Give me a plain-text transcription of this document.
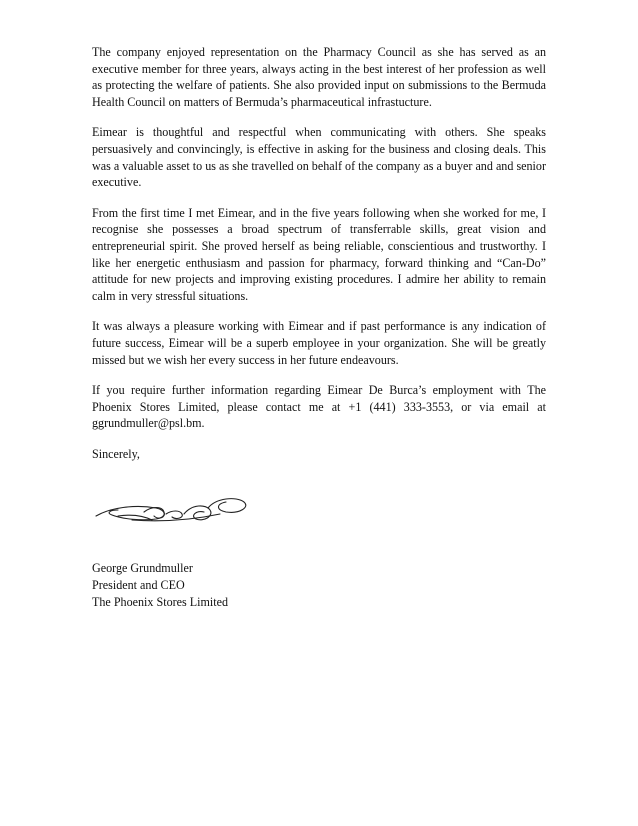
The company enjoyed representation on the Pharmacy Council as she has served as an executive member for three years, always acting in the best interest of her profession as well as protecting the welfare of patients. She also provided input on submissions to the Bermuda Health Council on matters of Bermuda’s pharmaceutical infrastucture.

Eimear is thoughtful and respectful when communicating with others. She speaks persuasively and convincingly, is effective in asking for the business and closing deals. This was a valuable asset to us as she travelled on behalf of the company as a buyer and and senior executive.

From the first time I met Eimear, and in the five years following when she worked for me, I recognise she possesses a broad spectrum of transferrable skills, great vision and entrepreneurial spirit. She proved herself as being reliable, conscientious and trustworthy. I like her energetic enthusiasm and passion for pharmacy, forward thinking and “Can-Do” attitude for new projects and improving existing procedures. I admire her ability to remain calm in very stressful situations.

It was always a pleasure working with Eimear and if past performance is any indication of future success, Eimear will be a superb employee in your organization. She will be greatly missed but we wish her every success in her future endeavours.

If you require further information regarding Eimear De Burca’s employment with The Phoenix Stores Limited, please contact me at +1 (441) 333-3553, or via email at ggrundmuller@psl.bm.

Sincerely,

George Grundmuller
President and CEO
The Phoenix Stores Limited
